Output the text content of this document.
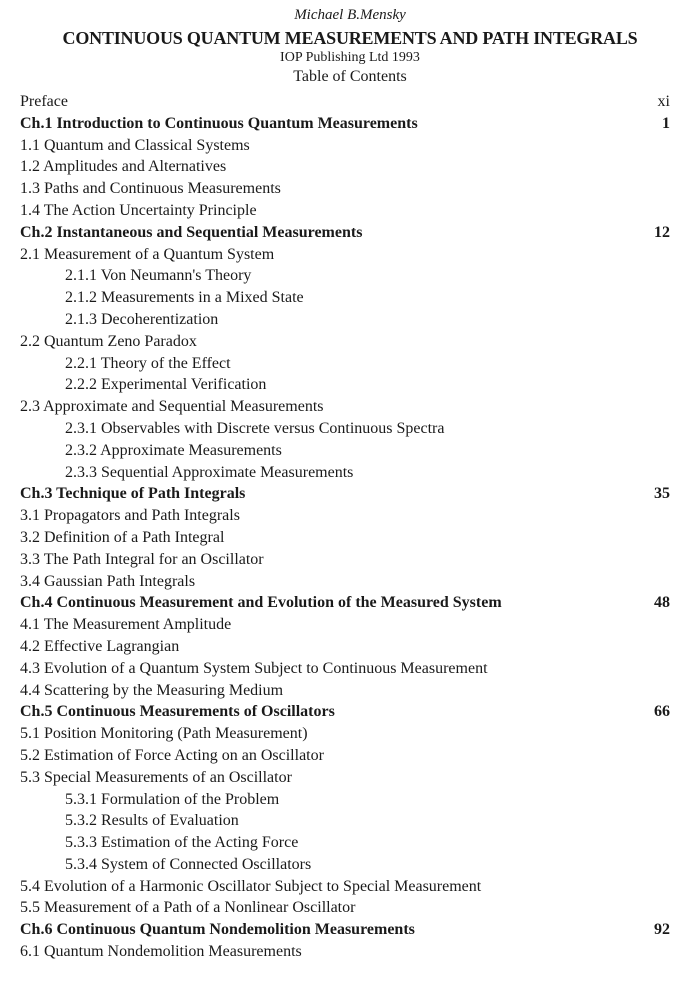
Michael B.Mensky
CONTINUOUS QUANTUM MEASUREMENTS AND PATH INTEGRALS
IOP Publishing Ltd 1993
Table of Contents
Preface	xi
Ch.1 Introduction to Continuous Quantum Measurements	1
1.1 Quantum and Classical Systems
1.2 Amplitudes and Alternatives
1.3 Paths and Continuous Measurements
1.4 The Action Uncertainty Principle
Ch.2 Instantaneous and Sequential Measurements	12
2.1 Measurement of a Quantum System
2.1.1 Von Neumann's Theory
2.1.2 Measurements in a Mixed State
2.1.3 Decoherentization
2.2 Quantum Zeno Paradox
2.2.1 Theory of the Effect
2.2.2 Experimental Verification
2.3 Approximate and Sequential Measurements
2.3.1 Observables with Discrete versus Continuous Spectra
2.3.2 Approximate Measurements
2.3.3 Sequential Approximate Measurements
Ch.3 Technique of Path Integrals	35
3.1 Propagators and Path Integrals
3.2 Definition of a Path Integral
3.3 The Path Integral for an Oscillator
3.4 Gaussian Path Integrals
Ch.4 Continuous Measurement and Evolution of the Measured System	48
4.1 The Measurement Amplitude
4.2 Effective Lagrangian
4.3 Evolution of a Quantum System Subject to Continuous Measurement
4.4 Scattering by the Measuring Medium
Ch.5 Continuous Measurements of Oscillators	66
5.1 Position Monitoring (Path Measurement)
5.2 Estimation of Force Acting on an Oscillator
5.3 Special Measurements of an Oscillator
5.3.1 Formulation of the Problem
5.3.2 Results of Evaluation
5.3.3 Estimation of the Acting Force
5.3.4 System of Connected Oscillators
5.4 Evolution of a Harmonic Oscillator Subject to Special Measurement
5.5 Measurement of a Path of a Nonlinear Oscillator
Ch.6 Continuous Quantum Nondemolition Measurements	92
6.1 Quantum Nondemolition Measurements
